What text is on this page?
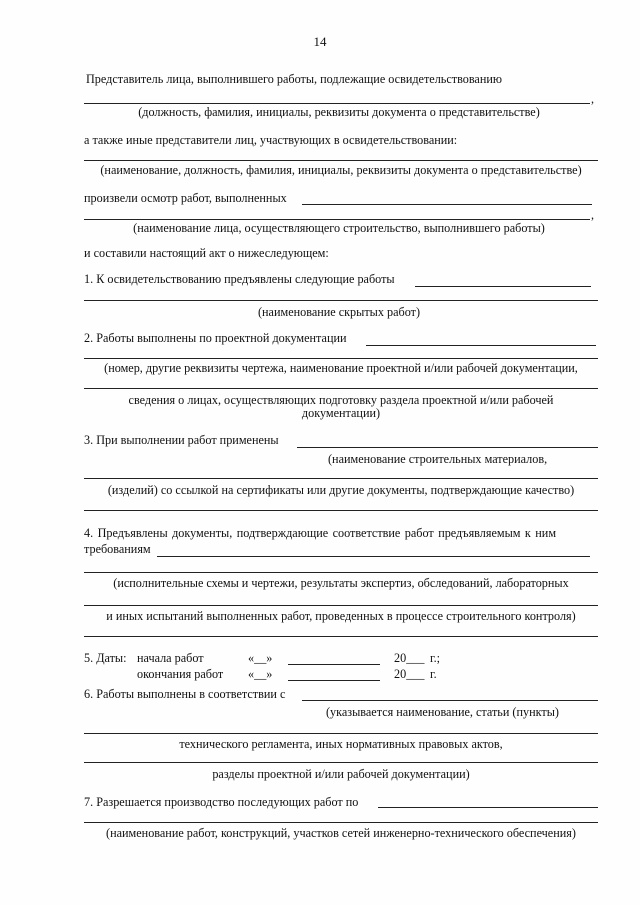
14
Представитель лица, выполнившего работы, подлежащие освидетельствованию
,
(должность, фамилия, инициалы, реквизиты документа о представительстве)
а также иные представители лиц, участвующих в освидетельствовании:
(наименование, должность, фамилия, инициалы, реквизиты документа о представительстве)
произвели осмотр работ, выполненных
,
(наименование лица, осуществляющего строительство, выполнившего работы)
и составили настоящий акт о нижеследующем:
1. К освидетельствованию предъявлены следующие работы
(наименование скрытых работ)
2. Работы выполнены по проектной документации
(номер, другие реквизиты чертежа, наименование проектной и/или рабочей документации,
сведения о лицах, осуществляющих подготовку раздела проектной и/или рабочей
документации)
3. При выполнении работ применены
(наименование строительных материалов,
(изделий) со ссылкой на сертификаты или другие документы, подтверждающие качество)
4. Предъявлены документы, подтверждающие соответствие работ предъявляемым к ним
требованиям
(исполнительные схемы и чертежи, результаты экспертиз, обследований, лабораторных
и иных испытаний выполненных работ, проведенных в процессе строительного контроля)
5. Даты: начала работ	«__»	20___ г.;
окончания работ «__»	20___ г.
6. Работы выполнены в соответствии с
(указывается наименование, статьи (пункты)
технического регламента, иных нормативных правовых актов,
разделы проектной и/или рабочей документации)
7. Разрешается производство последующих работ по
(наименование работ, конструкций, участков сетей инженерно-технического обеспечения)
